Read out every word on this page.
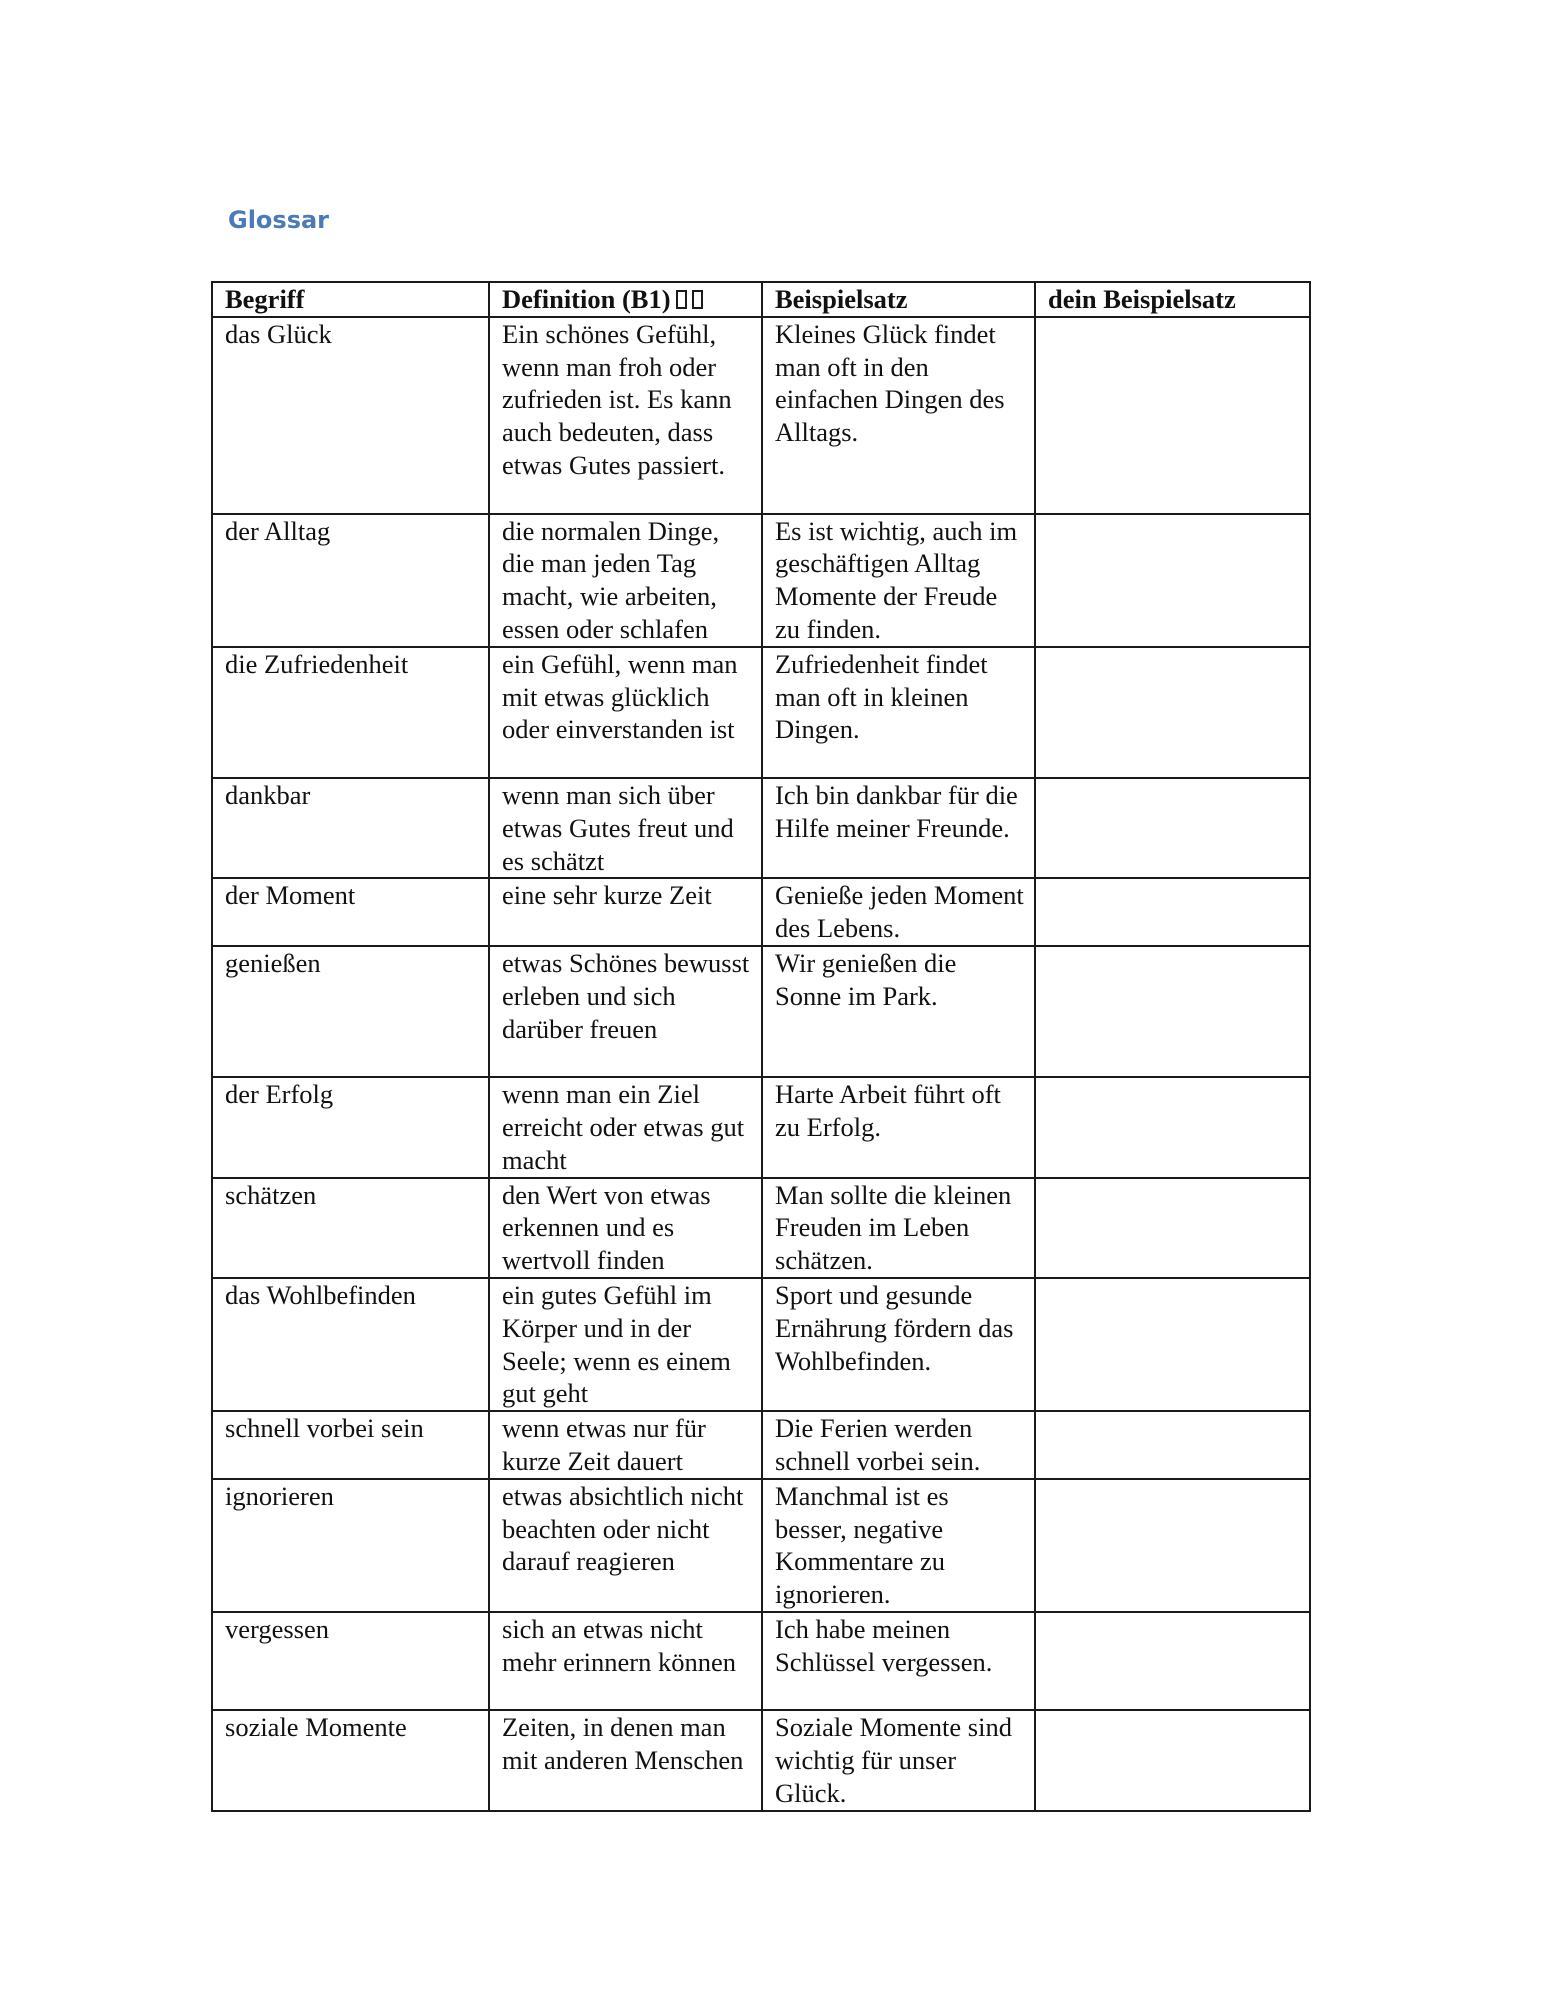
Glossar
Begriff	Definition (B1)	Beispielsatz	dein Beispielsatz
das Glück	Ein schönes Gefühl, wenn man froh oder zufrieden ist. Es kann auch bedeuten, dass etwas Gutes passiert.	Kleines Glück findet man oft in den einfachen Dingen des Alltags.	
der Alltag	die normalen Dinge, die man jeden Tag macht, wie arbeiten, essen oder schlafen	Es ist wichtig, auch im geschäftigen Alltag Momente der Freude zu finden.	
die Zufriedenheit	ein Gefühl, wenn man mit etwas glücklich oder einverstanden ist	Zufriedenheit findet man oft in kleinen Dingen.	
dankbar	wenn man sich über etwas Gutes freut und es schätzt	Ich bin dankbar für die Hilfe meiner Freunde.	
der Moment	eine sehr kurze Zeit	Genieße jeden Moment des Lebens.	
genießen	etwas Schönes bewusst erleben und sich darüber freuen	Wir genießen die Sonne im Park.	
der Erfolg	wenn man ein Ziel erreicht oder etwas gut macht	Harte Arbeit führt oft zu Erfolg.	
schätzen	den Wert von etwas erkennen und es wertvoll finden	Man sollte die kleinen Freuden im Leben schätzen.	
das Wohlbefinden	ein gutes Gefühl im Körper und in der Seele; wenn es einem gut geht	Sport und gesunde Ernährung fördern das Wohlbefinden.	
schnell vorbei sein	wenn etwas nur für kurze Zeit dauert	Die Ferien werden schnell vorbei sein.	
ignorieren	etwas absichtlich nicht beachten oder nicht darauf reagieren	Manchmal ist es besser, negative Kommentare zu ignorieren.	
vergessen	sich an etwas nicht mehr erinnern können	Ich habe meinen Schlüssel vergessen.	
soziale Momente	Zeiten, in denen man mit anderen Menschen	Soziale Momente sind wichtig für unser Glück.	
